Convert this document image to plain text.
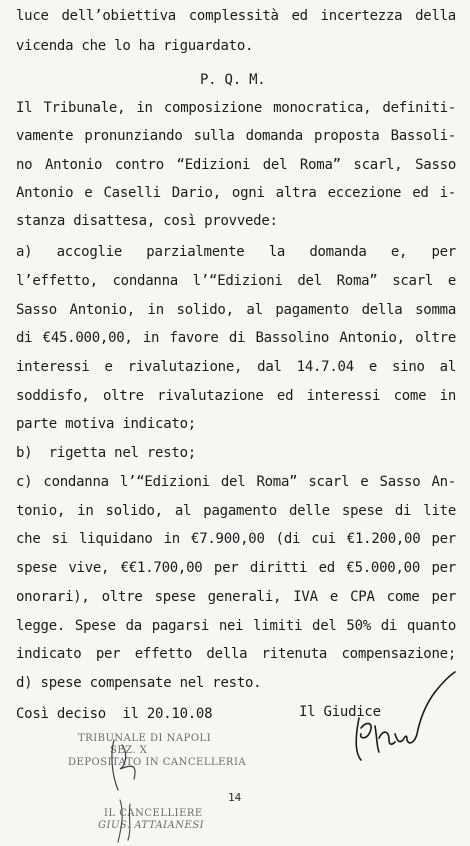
luce dell’obiettiva complessità ed incertezza della
vicenda che lo ha riguardato.
P. Q. M.
Il Tribunale, in composizione monocratica, definiti-
vamente pronunziando sulla domanda proposta Bassoli-
no Antonio contro “Edizioni del Roma” scarl, Sasso
Antonio e Caselli Dario, ogni altra eccezione ed i-
stanza disattesa, così provvede:
a) accoglie parzialmente la domanda e, per
l’effetto, condanna l’“Edizioni del Roma” scarl e
Sasso Antonio, in solido, al pagamento della somma
di €45.000,00, in favore di Bassolino Antonio, oltre
interessi e rivalutazione, dal 14.7.04 e sino al
soddisfo, oltre rivalutazione ed interessi come in
parte motiva indicato;
b)  rigetta nel resto;
c) condanna l’“Edizioni del Roma” scarl e Sasso An-
tonio, in solido, al pagamento delle spese di lite
che si liquidano in €7.900,00 (di cui €1.200,00 per
spese vive, €€1.700,00 per diritti ed €5.000,00 per
onorari), oltre spese generali, IVA e CPA come per
legge. Spese da pagarsi nei limiti del 50% di quanto
indicato per effetto della ritenuta compensazione;
d) spese compensate nel resto.
Così deciso  il 20.10.08	Il Giudice
TRIBUNALE DI NAPOLI
SEZ. X
DEPOSITATO IN CANCELLERIA
14
IL CANCELLIERE
GIUS. ATTAIANESI
